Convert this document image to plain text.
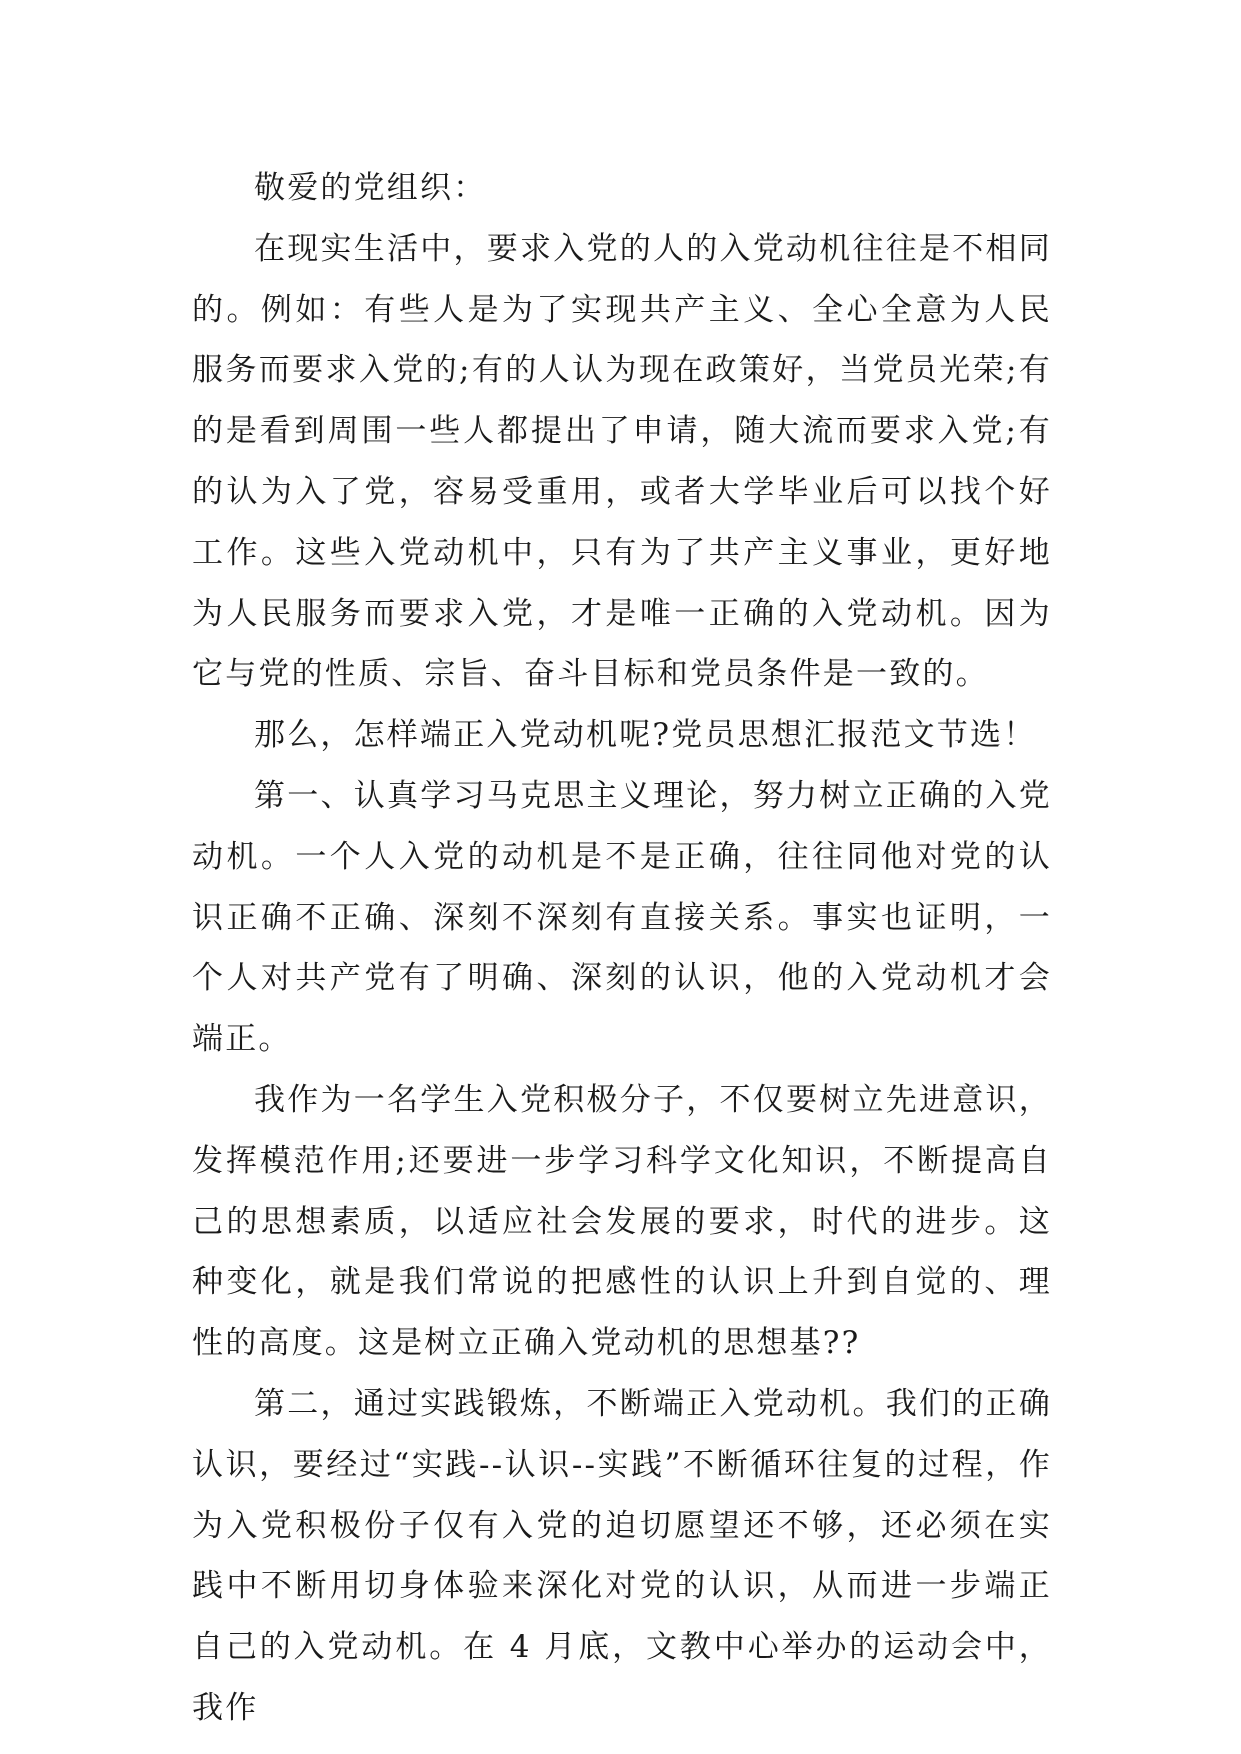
敬爱的党组织：

在现实生活中，要求入党的人的入党动机往往是不相同的。例如：有些人是为了实现共产主义、全心全意为人民服务而要求入党的;有的人认为现在政策好，当党员光荣;有的是看到周围一些人都提出了申请，随大流而要求入党;有的认为入了党，容易受重用，或者大学毕业后可以找个好工作。这些入党动机中，只有为了共产主义事业，更好地为人民服务而要求入党，才是唯一正确的入党动机。因为它与党的性质、宗旨、奋斗目标和党员条件是一致的。

那么，怎样端正入党动机呢?党员思想汇报范文节选！

第一、认真学习马克思主义理论，努力树立正确的入党动机。一个人入党的动机是不是正确，往往同他对党的认识正确不正确、深刻不深刻有直接关系。事实也证明，一个人对共产党有了明确、深刻的认识，他的入党动机才会端正。

我作为一名学生入党积极分子，不仅要树立先进意识，发挥模范作用;还要进一步学习科学文化知识，不断提高自己的思想素质，以适应社会发展的要求，时代的进步。这种变化，就是我们常说的把感性的认识上升到自觉的、理性的高度。这是树立正确入党动机的思想基??

第二，通过实践锻炼，不断端正入党动机。我们的正确认识，要经过“实践--认识--实践”不断循环往复的过程，作为入党积极份子仅有入党的迫切愿望还不够，还必须在实践中不断用切身体验来深化对党的认识，从而进一步端正自己的入党动机。在 4 月底，文教中心举办的运动会中，我作
